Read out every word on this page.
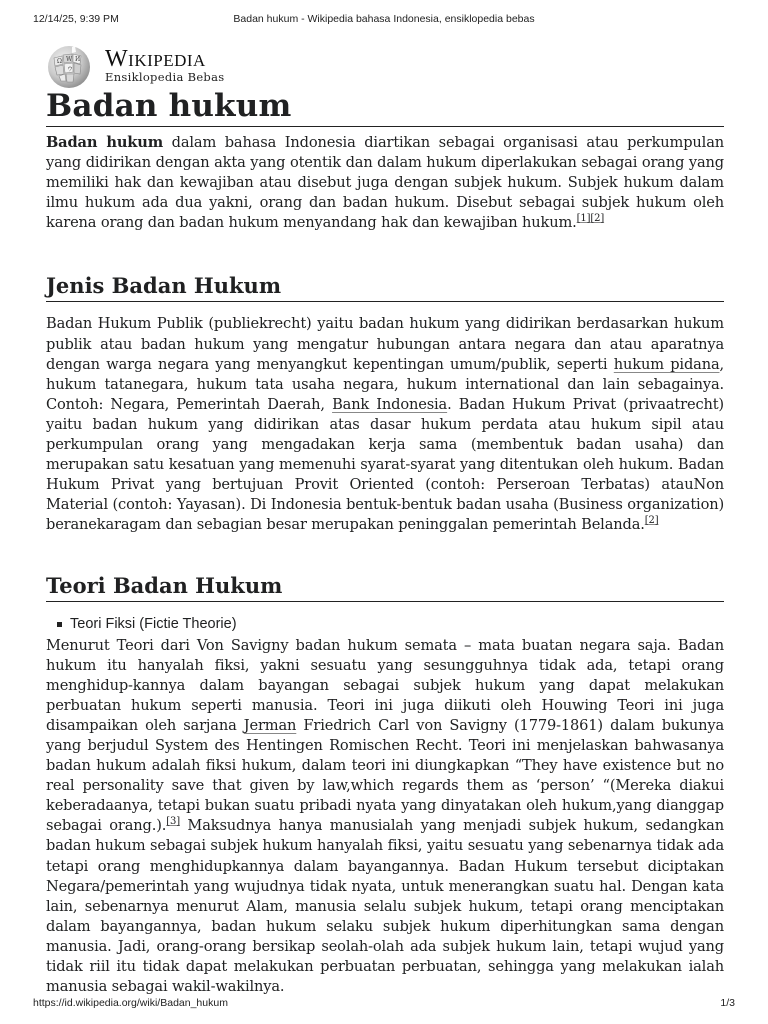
12/14/25, 9:39 PM	Badan hukum - Wikipedia bahasa Indonesia, ensiklopedia bebas
Ω W И
ウ Wikipedia
Ensiklopedia Bebas
Badan hukum

Badan hukum dalam bahasa Indonesia diartikan sebagai organisasi atau perkumpulan yang didirikan dengan akta yang otentik dan dalam hukum diperlakukan sebagai orang yang memiliki hak dan kewajiban atau disebut juga dengan subjek hukum. Subjek hukum dalam ilmu hukum ada dua yakni, orang dan badan hukum. Disebut sebagai subjek hukum oleh karena orang dan badan hukum menyandang hak dan kewajiban hukum.[1][2]

Jenis Badan Hukum

Badan Hukum Publik (publiekrecht) yaitu badan hukum yang didirikan berdasarkan hukum publik atau badan hukum yang mengatur hubungan antara negara dan atau aparatnya dengan warga negara yang menyangkut kepentingan umum/publik, seperti hukum pidana, hukum tatanegara, hukum tata usaha negara, hukum international dan lain sebagainya. Contoh: Negara, Pemerintah Daerah, Bank Indonesia. Badan Hukum Privat (privaatrecht) yaitu badan hukum yang didirikan atas dasar hukum perdata atau hukum sipil atau perkumpulan orang yang mengadakan kerja sama (membentuk badan usaha) dan merupakan satu kesatuan yang memenuhi syarat-syarat yang ditentukan oleh hukum. Badan Hukum Privat yang bertujuan Provit Oriented (contoh: Perseroan Terbatas) atauNon Material (contoh: Yayasan). Di Indonesia bentuk-bentuk badan usaha (Business organization) beranekaragam dan sebagian besar merupakan peninggalan pemerintah Belanda.[2]

Teori Badan Hukum
Teori Fiksi (Fictie Theorie)

Menurut Teori dari Von Savigny badan hukum semata – mata buatan negara saja. Badan hukum itu hanyalah fiksi, yakni sesuatu yang sesungguhnya tidak ada, tetapi orang menghidup-kannya dalam bayangan sebagai subjek hukum yang dapat melakukan perbuatan hukum seperti manusia. Teori ini juga diikuti oleh Houwing Teori ini juga disampaikan oleh sarjana Jerman Friedrich Carl von Savigny (1779-1861) dalam bukunya yang berjudul System des Hentingen Romischen Recht. Teori ini menjelaskan bahwasanya badan hukum adalah fiksi hukum, dalam teori ini diungkapkan “They have existence but no real personality save that given by law,which regards them as ‘person’ “(Mereka diakui keberadaanya, tetapi bukan suatu pribadi nyata yang dinyatakan oleh hukum,yang dianggap sebagai orang.).[3] Maksudnya hanya manusialah yang menjadi subjek hukum, sedangkan badan hukum sebagai subjek hukum hanyalah fiksi, yaitu sesuatu yang sebenarnya tidak ada tetapi orang menghidupkannya dalam bayangannya. Badan Hukum tersebut diciptakan Negara/pemerintah yang wujudnya tidak nyata, untuk menerangkan suatu hal. Dengan kata lain, sebenarnya menurut Alam, manusia selalu subjek hukum, tetapi orang menciptakan dalam bayangannya, badan hukum selaku subjek hukum diperhitungkan sama dengan manusia. Jadi, orang-orang bersikap seolah-olah ada subjek hukum lain, tetapi wujud yang tidak riil itu tidak dapat melakukan perbuatan perbuatan, sehingga yang melakukan ialah manusia sebagai wakil-wakilnya.

https://id.wikipedia.org/wiki/Badan_hukum	1/3
